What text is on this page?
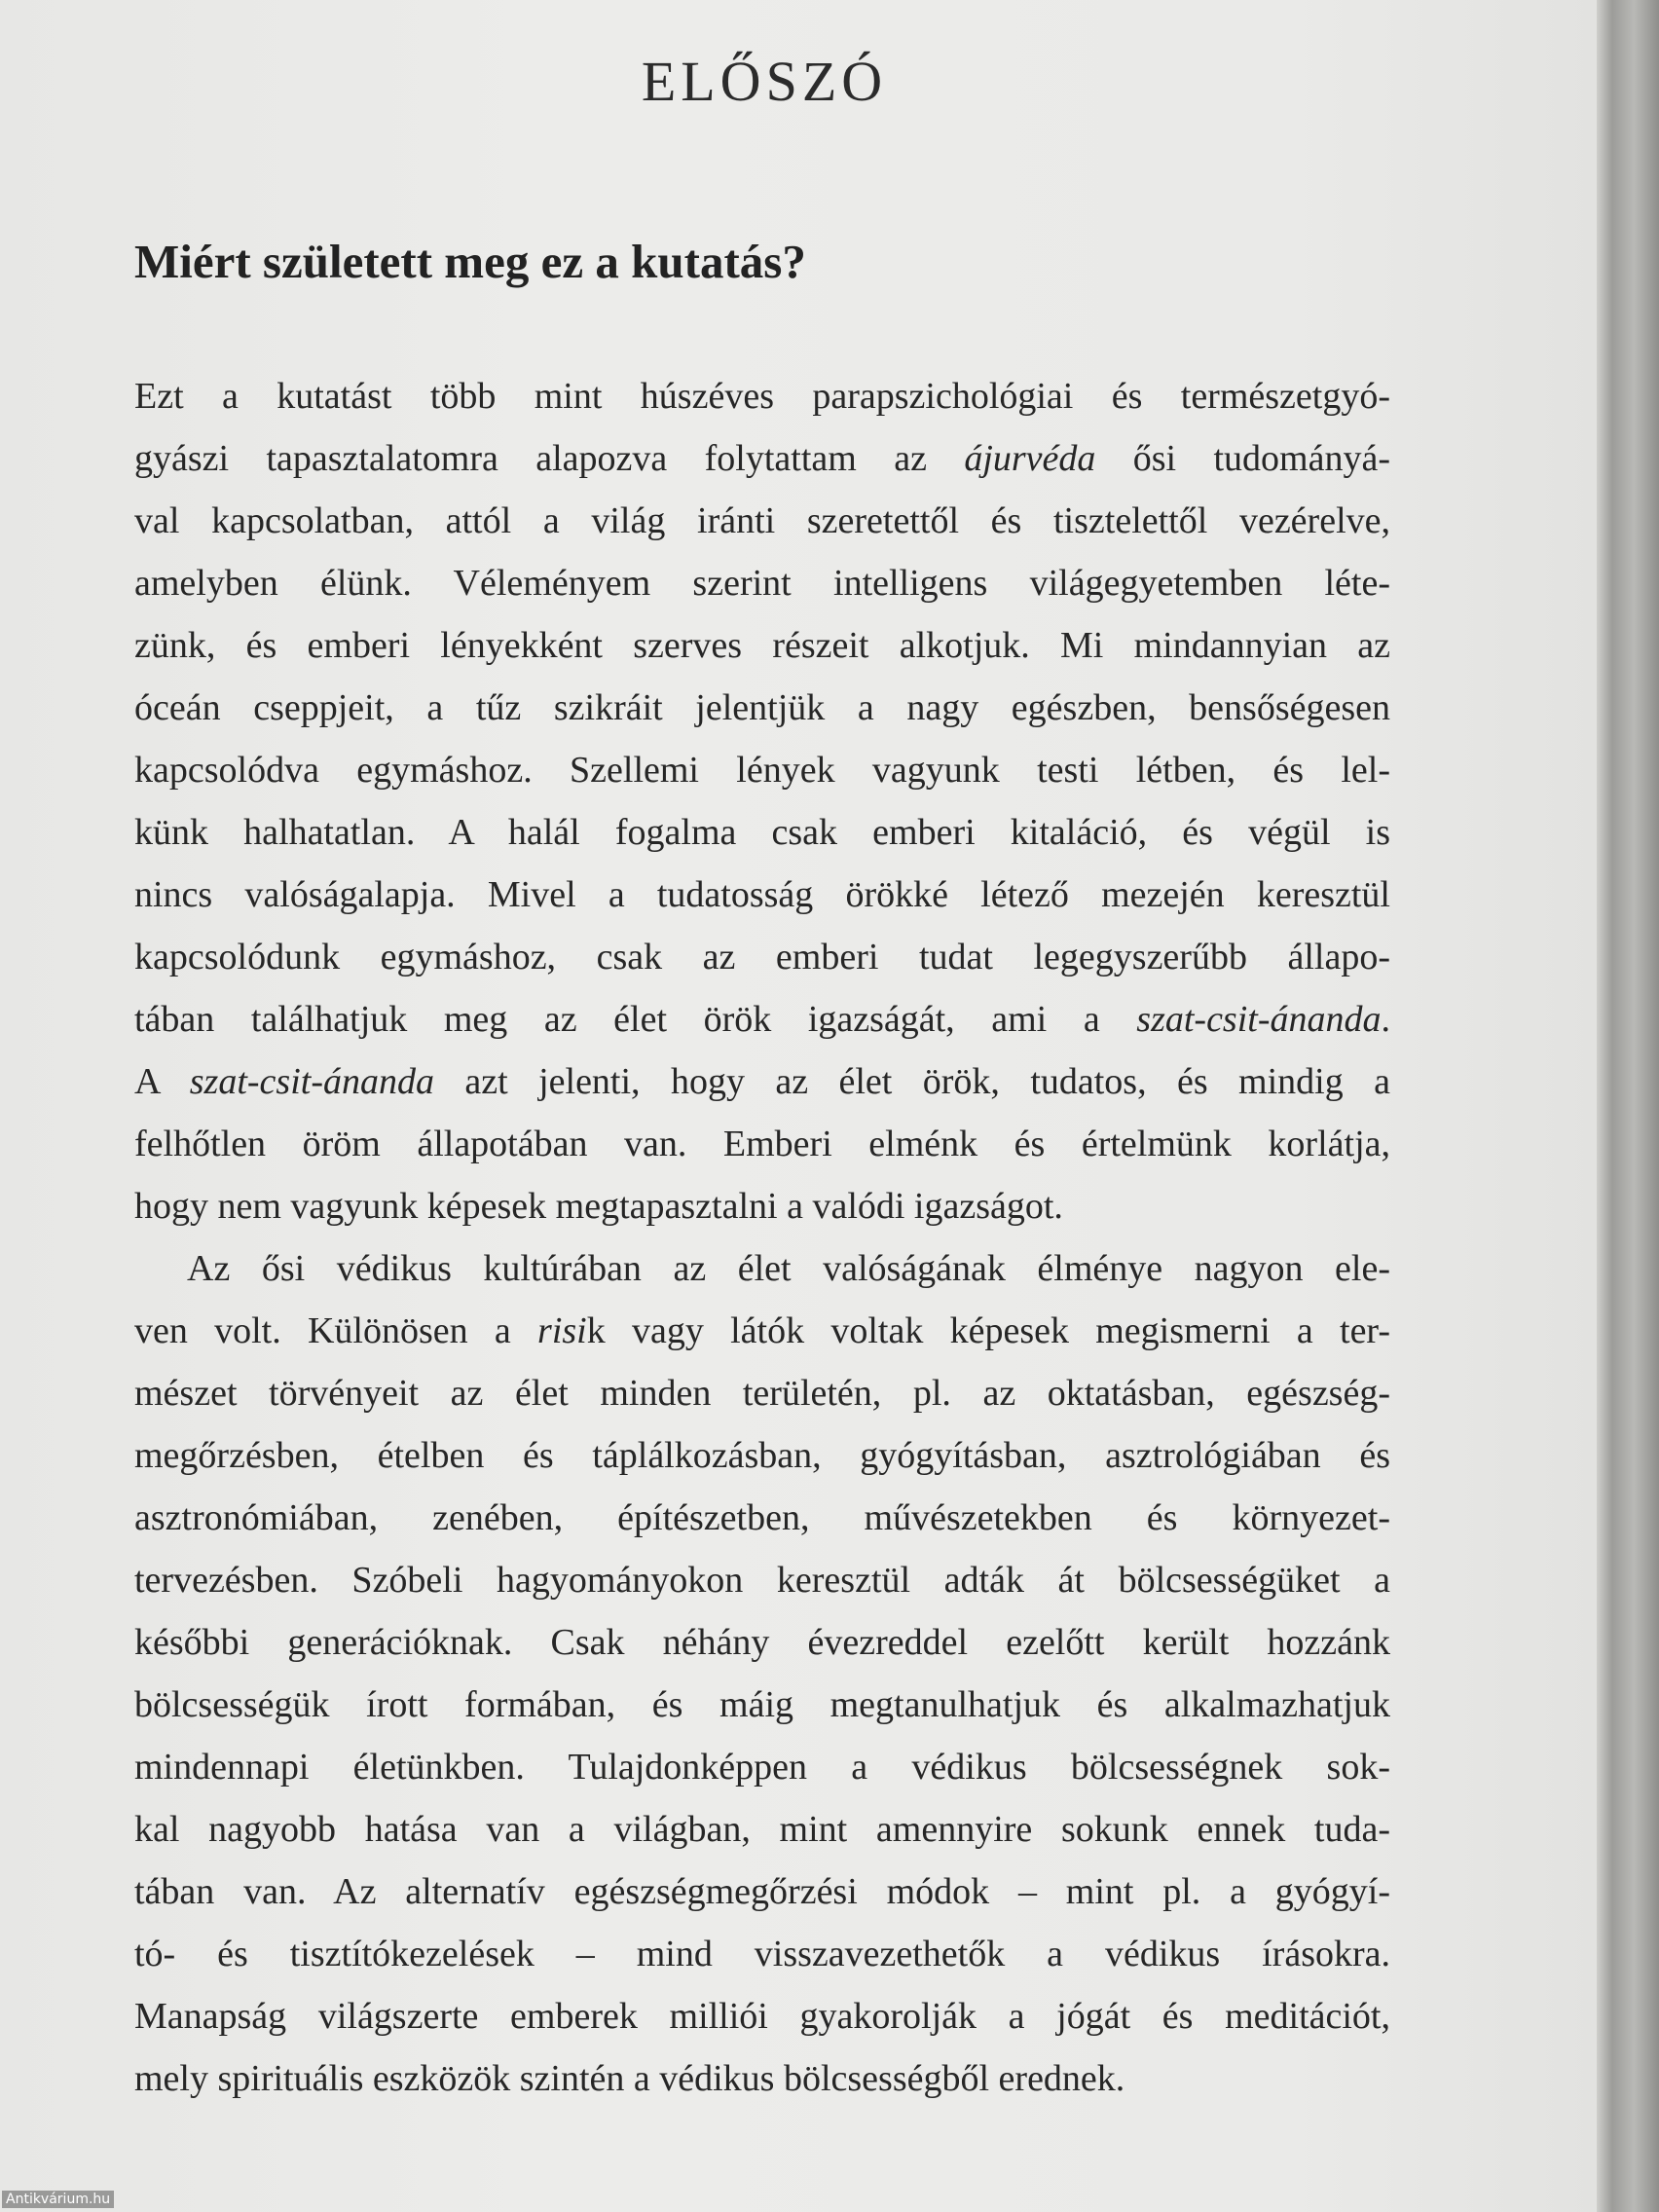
ELŐSZÓ
Miért született meg ez a kutatás?
Ezt a kutatást több mint húszéves parapszichológiai és természetgyó-
gyászi tapasztalatomra alapozva folytattam az ájurvéda ősi tudományá-
val kapcsolatban, attól a világ iránti szeretettől és tisztelettől vezérelve,
amelyben élünk. Véleményem szerint intelligens világegyetemben léte-
zünk, és emberi lényekként szerves részeit alkotjuk. Mi mindannyian az
óceán cseppjeit, a tűz szikráit jelentjük a nagy egészben, bensőségesen
kapcsolódva egymáshoz. Szellemi lények vagyunk testi létben, és lel-
künk halhatatlan. A halál fogalma csak emberi kitaláció, és végül is
nincs valóságalapja. Mivel a tudatosság örökké létező mezején keresztül
kapcsolódunk egymáshoz, csak az emberi tudat legegyszerűbb állapo-
tában találhatjuk meg az élet örök igazságát, ami a szat-csit-ánanda.
A szat-csit-ánanda azt jelenti, hogy az élet örök, tudatos, és mindig a
felhőtlen öröm állapotában van. Emberi elménk és értelmünk korlátja,
hogy nem vagyunk képesek megtapasztalni a valódi igazságot.
Az ősi védikus kultúrában az élet valóságának élménye nagyon ele-
ven volt. Különösen a risik vagy látók voltak képesek megismerni a ter-
mészet törvényeit az élet minden területén, pl. az oktatásban, egészség-
megőrzésben, ételben és táplálkozásban, gyógyításban, asztrológiában és
asztronómiában, zenében, építészetben, művészetekben és környezet-
tervezésben. Szóbeli hagyományokon keresztül adták át bölcsességüket a
későbbi generációknak. Csak néhány évezreddel ezelőtt került hozzánk
bölcsességük írott formában, és máig megtanulhatjuk és alkalmazhatjuk
mindennapi életünkben. Tulajdonképpen a védikus bölcsességnek sok-
kal nagyobb hatása van a világban, mint amennyire sokunk ennek tuda-
tában van. Az alternatív egészségmegőrzési módok – mint pl. a gyógyí-
tó- és tisztítókezelések – mind visszavezethetők a védikus írásokra.
Manapság világszerte emberek milliói gyakorolják a jógát és meditációt,
mely spirituális eszközök szintén a védikus bölcsességből erednek.
Antikvárium.hu
